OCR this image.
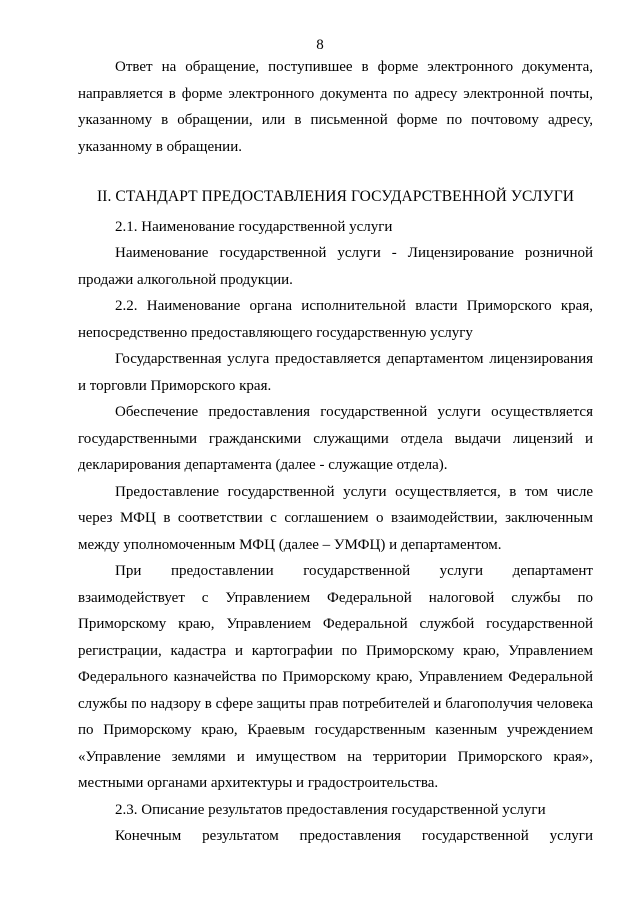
8

Ответ на обращение, поступившее в форме электронного документа, направляется в форме электронного документа по адресу электронной почты, указанному в обращении, или в письменной форме по почтовому адресу, указанному в обращении.

II. СТАНДАРТ ПРЕДОСТАВЛЕНИЯ ГОСУДАРСТВЕННОЙ УСЛУГИ

2.1. Наименование государственной услуги

Наименование государственной услуги - Лицензирование розничной продажи алкогольной продукции.

2.2. Наименование органа исполнительной власти Приморского края, непосредственно предоставляющего государственную услугу

Государственная услуга предоставляется департаментом лицензирования и торговли Приморского края.

Обеспечение предоставления государственной услуги осуществляется государственными гражданскими служащими отдела выдачи лицензий и декларирования департамента (далее - служащие отдела).

Предоставление государственной услуги осуществляется, в том числе через МФЦ в соответствии с соглашением о взаимодействии, заключенным между уполномоченным МФЦ (далее – УМФЦ) и департаментом.

При предоставлении государственной услуги департамент взаимодействует с Управлением Федеральной налоговой службы по Приморскому краю, Управлением Федеральной службой государственной регистрации, кадастра и картографии по Приморскому краю, Управлением Федерального казначейства по Приморскому краю, Управлением Федеральной службы по надзору в сфере защиты прав потребителей и благополучия человека по Приморскому краю, Краевым государственным казенным учреждением «Управление землями и имуществом на территории Приморского края», местными органами архитектуры и градостроительства.

2.3. Описание результатов предоставления государственной услуги

Конечным результатом предоставления государственной услуги
